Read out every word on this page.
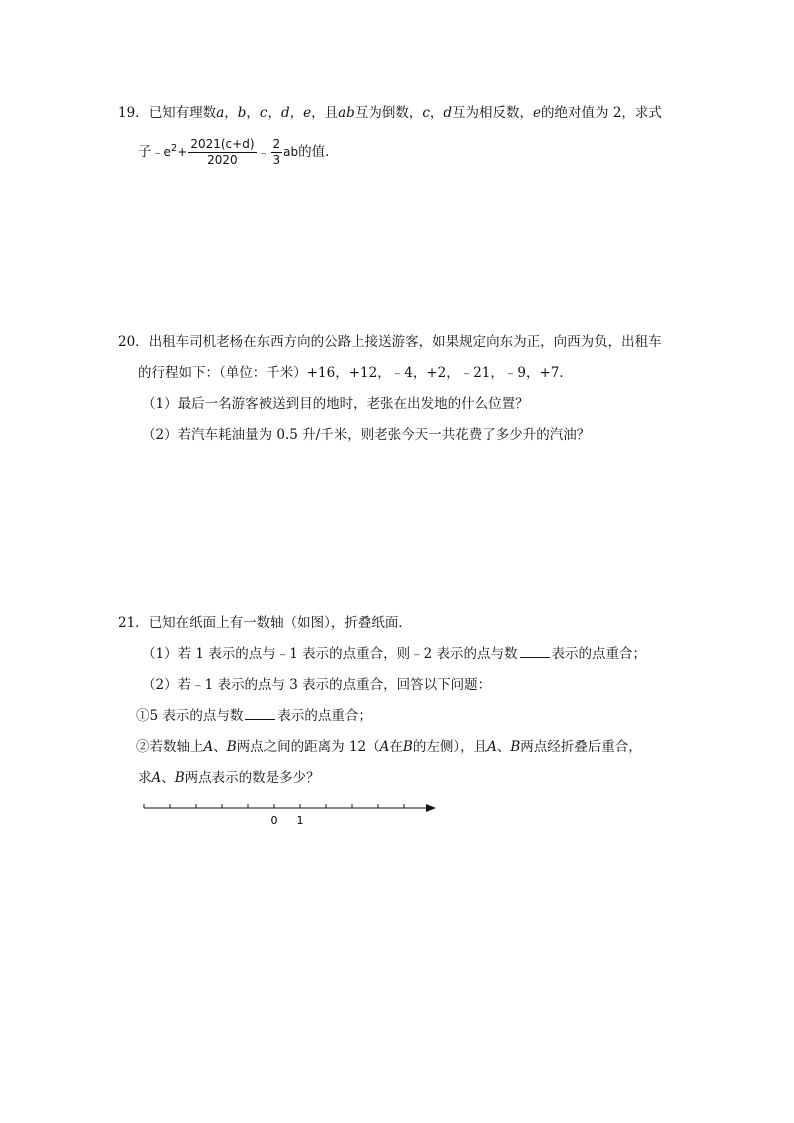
19．已知有理数a，b，c，d，e，且ab互为倒数，c，d互为相反数，e的绝对值为 2，求式
子$﹣e^2+ \frac{2021(c+d)}{2020}$ ﹣ $\frac{2}{3}$ ab的值．
20．出租车司机老杨在东西方向的公路上接送游客，如果规定向东为正，向西为负，出租车
的行程如下：（单位：千米）+16，+12，﹣4，+2，﹣21，﹣9，+7．
（1）最后一名游客被送到目的地时，老张在出发地的什么位置？
（2）若汽车耗油量为 0.5 升/千米，则老张今天一共花费了多少升的汽油？
21．已知在纸面上有一数轴（如图），折叠纸面．
（1）若 1 表示的点与﹣1 表示的点重合，则﹣2 表示的点与数	表示的点重合；
（2）若﹣1 表示的点与 3 表示的点重合，回答以下问题：
①5 表示的点与数	表示的点重合；
②若数轴上A、B两点之间的距离为 12（A在B的左侧），且A、B两点经折叠后重合，
求A、B两点表示的数是多少？
0 1
